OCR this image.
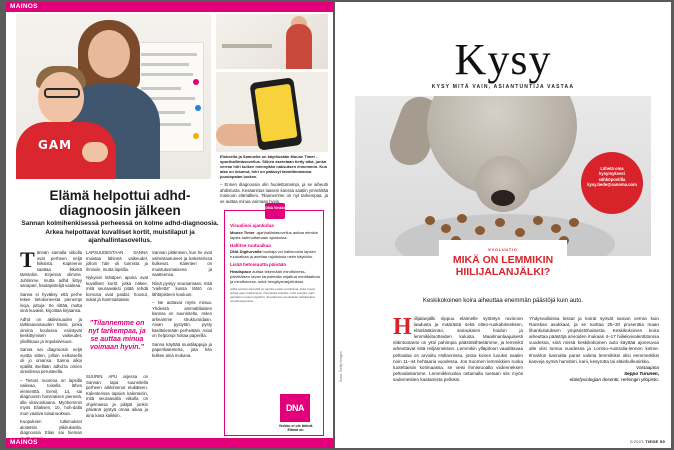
MAINOS
GAM
Elsbeella ja Samuella on käytössään Mouse Timer -sporthallintasovellus. Siihen asetetaan tietty aika, jonka verran hiiri kulkee mennyään naksutsen ennemmin. Kun aika on loiumut, hiiri on päässyt tavoittimmansa juustopalan luokse.
Elämä helpottui adhd-diagnoosin jälkeen
Sannan kolmihenkisessä perheessä on kolme adhd-diagnoosia. Arkea helpottavat kuvalliset kortit, muistilaput ja ajanhallintasovellus.

Tännän samalla viikolla ovat perheen neljä hiiksista. Kapteenin saattaa litkettä tämänkin. Kirjeissä olimme. Juhlimme, mutta adhd liittyy sanapari, hautapistelijä vaaleaa.

Sanna ei hyväksy että perhe tekee tietokoneesta pienempi isoja, juttuja. Se riittää, mutta sinä kuvaisit, kirjoittaa kirjaansa.

Adhd on aktiivisuuden ja tarkkaavaisuuden häiriö, jonka oireina koulussa esiintyvät keskittymisen vaikeudet, ylivilkkaus ja impulsiivisuus.

Sanna sai diagnoosin neljä vuotta sitten, jolloin esikoisella oli jo omansa. Sanna alkoi epäillä itsellään adhd:ta omien oireidensa perusteella.

– Tietoni nuorena on lapsilla vaikeaa, toisella lähes elementtä. Eemil, 14, sai diagnoosin harvinaisen pienenä, alle viisivuotiaana. Myöhemmin myös Eliaksen, 10, hoh-dalla mun vaativa toisanuoksoa.

Kuopuksen tutkimukset aloitettiin ylikiruksella, diagnoosia Elias sai hieman

LAPSUUDESTAAN SANNA muistaa lähinnä vaikeudet, jolloin hän oli tunnista ja ihmisiin, mutta lapsilla.

Nykyisin lähiäpen apuna ovat kuvalliset kortit, jotka näkee, mitä seuraavaksi pitää tehdä korvusa ovat paidat, housut, sukat ja hammastasiat.

”Tilannemme on nyt tarkempaa, ja se auttaa minua voimaan hyvin.”

SUURIN APU arjessa on Sannan tapa suunnitella perheen arkkimenot etukäteen. Kalenterissa lapsien kalenteriin, mitä seuraavalla viikolla on ohjelmassa ja pitäjät jonkin päivänä pystyä omaa aikaa ja aina kasa kaikkiin.

Sannan pitäminen, kun he ovat valmistautuneet ja kalenterissa kulkevat. Kalenteri on muistutusmaisena ja vaatteensa.

Niinä pystyy seuraamaan, mitä ”vaihetta” kussa lähtö on lähtöpisteen kouluun.

– Ne auttavat myös minua. Yhdessä ammattilaisten kanssa on suunniteltu, miten arkeamme strukturoidaan. Aivan pystytän, pysty käsittelemään perheittäin. Asiat on helpompi hoitaa paperilla.

Sanna käyttää muistilappuja ja paperikalenteria, jota hän kulkee aina mukana.

– Ennen diagnoosia olin huolettomampi, ja se aiheutti ahdistusta. Kesäaristus laaseni kanssa saatiin ymmärtää mainoon elämälleni. Tilannemme on nyt tarkempaa, ja se auttaa minua voimaan hyvin.
DNA Vinkki
Visualisoi ajankulua

Mouse Timer -ajanhallintasovellus auttaa etenkin lapsia hahmottamaan ajankulua.

Hallitse ruutuaikaa

DNA Digiturvalla huoltaja voi hallinnoida lapsen ruutuaikaa ja asettaa rajoituksia netin käyttöön.

Lisää tietoisuutta päivään

Headspace auttaa tekemään mindfulness-päivittäisen tavan tarjoamalla ohjattua meditaatiota ja mindfulness- sekä hengitysharjoituksia.

Adhd-oireista kärsivillä on tarjolla useita sovelluksia, jotka voivat auttaa arjen hallinnassa. Kannattaa kokeilla, mikä sovellus sopii parhaiten omaan käyttöön. Sovelluksia suositellaan ladattavaksi sovelluskaupasta.

MAINOS
DNA
Verkko ei ole tärkeä. Elämä on.
Kysy
KYSY MITÄ VAIN, ASIANTUNTIJA VASTAA
Lähetä oma kysymyksesi sähköpostilla kysy.tiede@sanoma.com
Kuva: Getty Images
EVOLUUTIO
MIKÄ ON LEMMIKIN HIILIJALANJÄLKI?
Keskikokoinen koira aiheuttaa enemmän päästöjä kuin auto.
Hiilijalanjälki riippuu eläimelle syötetyn ravinnon laadusta ja määrästä sekä eläin-ruokabisneksen, eläinlääkinnän, sairauksien hoidon ja lemmikkituotteiden kulusta. Maailmanlaajuisesti eläintuotanto on yksi pahimpia päästölähteitämme, ja lemmikit aiheuttavat siitä reiljänneksen. Lemmikin ylläpitoon vaadittavaa peltoalaa on arvioitu Hollannissa, jossa koiren luvuksi saatiin noin 11–44 hehtaaria vuodessa. Jos Suomen lemmikkien ruoka tuotettaisiin kotimaassa, se veisi ihmisruoalla viidenneksen peltoalastamme. Lemmikkiruokia ostamalla tuetaan siis myös sademetsien kaatamista pelloksi.

Yhdysvalloissa kissat ja koirat syövät saman verran kuin Ranskan asukkaat, ja se tuottaa 25–30 prosenttia maan lihankulutuksen ympäristöhaitoista. Keskikokoinen koira aiheuttaa päästöjä arvioiden mukaan 4–17 hiiliekvivalenttitonnia vuodessa, sinä missä keskikokoinen auto käyttää ajoneuvoa alle viisi tonnia vuodessa ja Lontoo-Australia-lennon kolme. Ilmaston kannalta paras valinta lemmikiksi olisi eemmerkiksi kasveja syövä hamsteri, kani, kesyrotta tai eläinkulkusirkka.

Vastaajana

Seppo Turunen,

eläinfysiologian dosentti, Helsingin yliopisto.

2/2023 TIEDE 59
